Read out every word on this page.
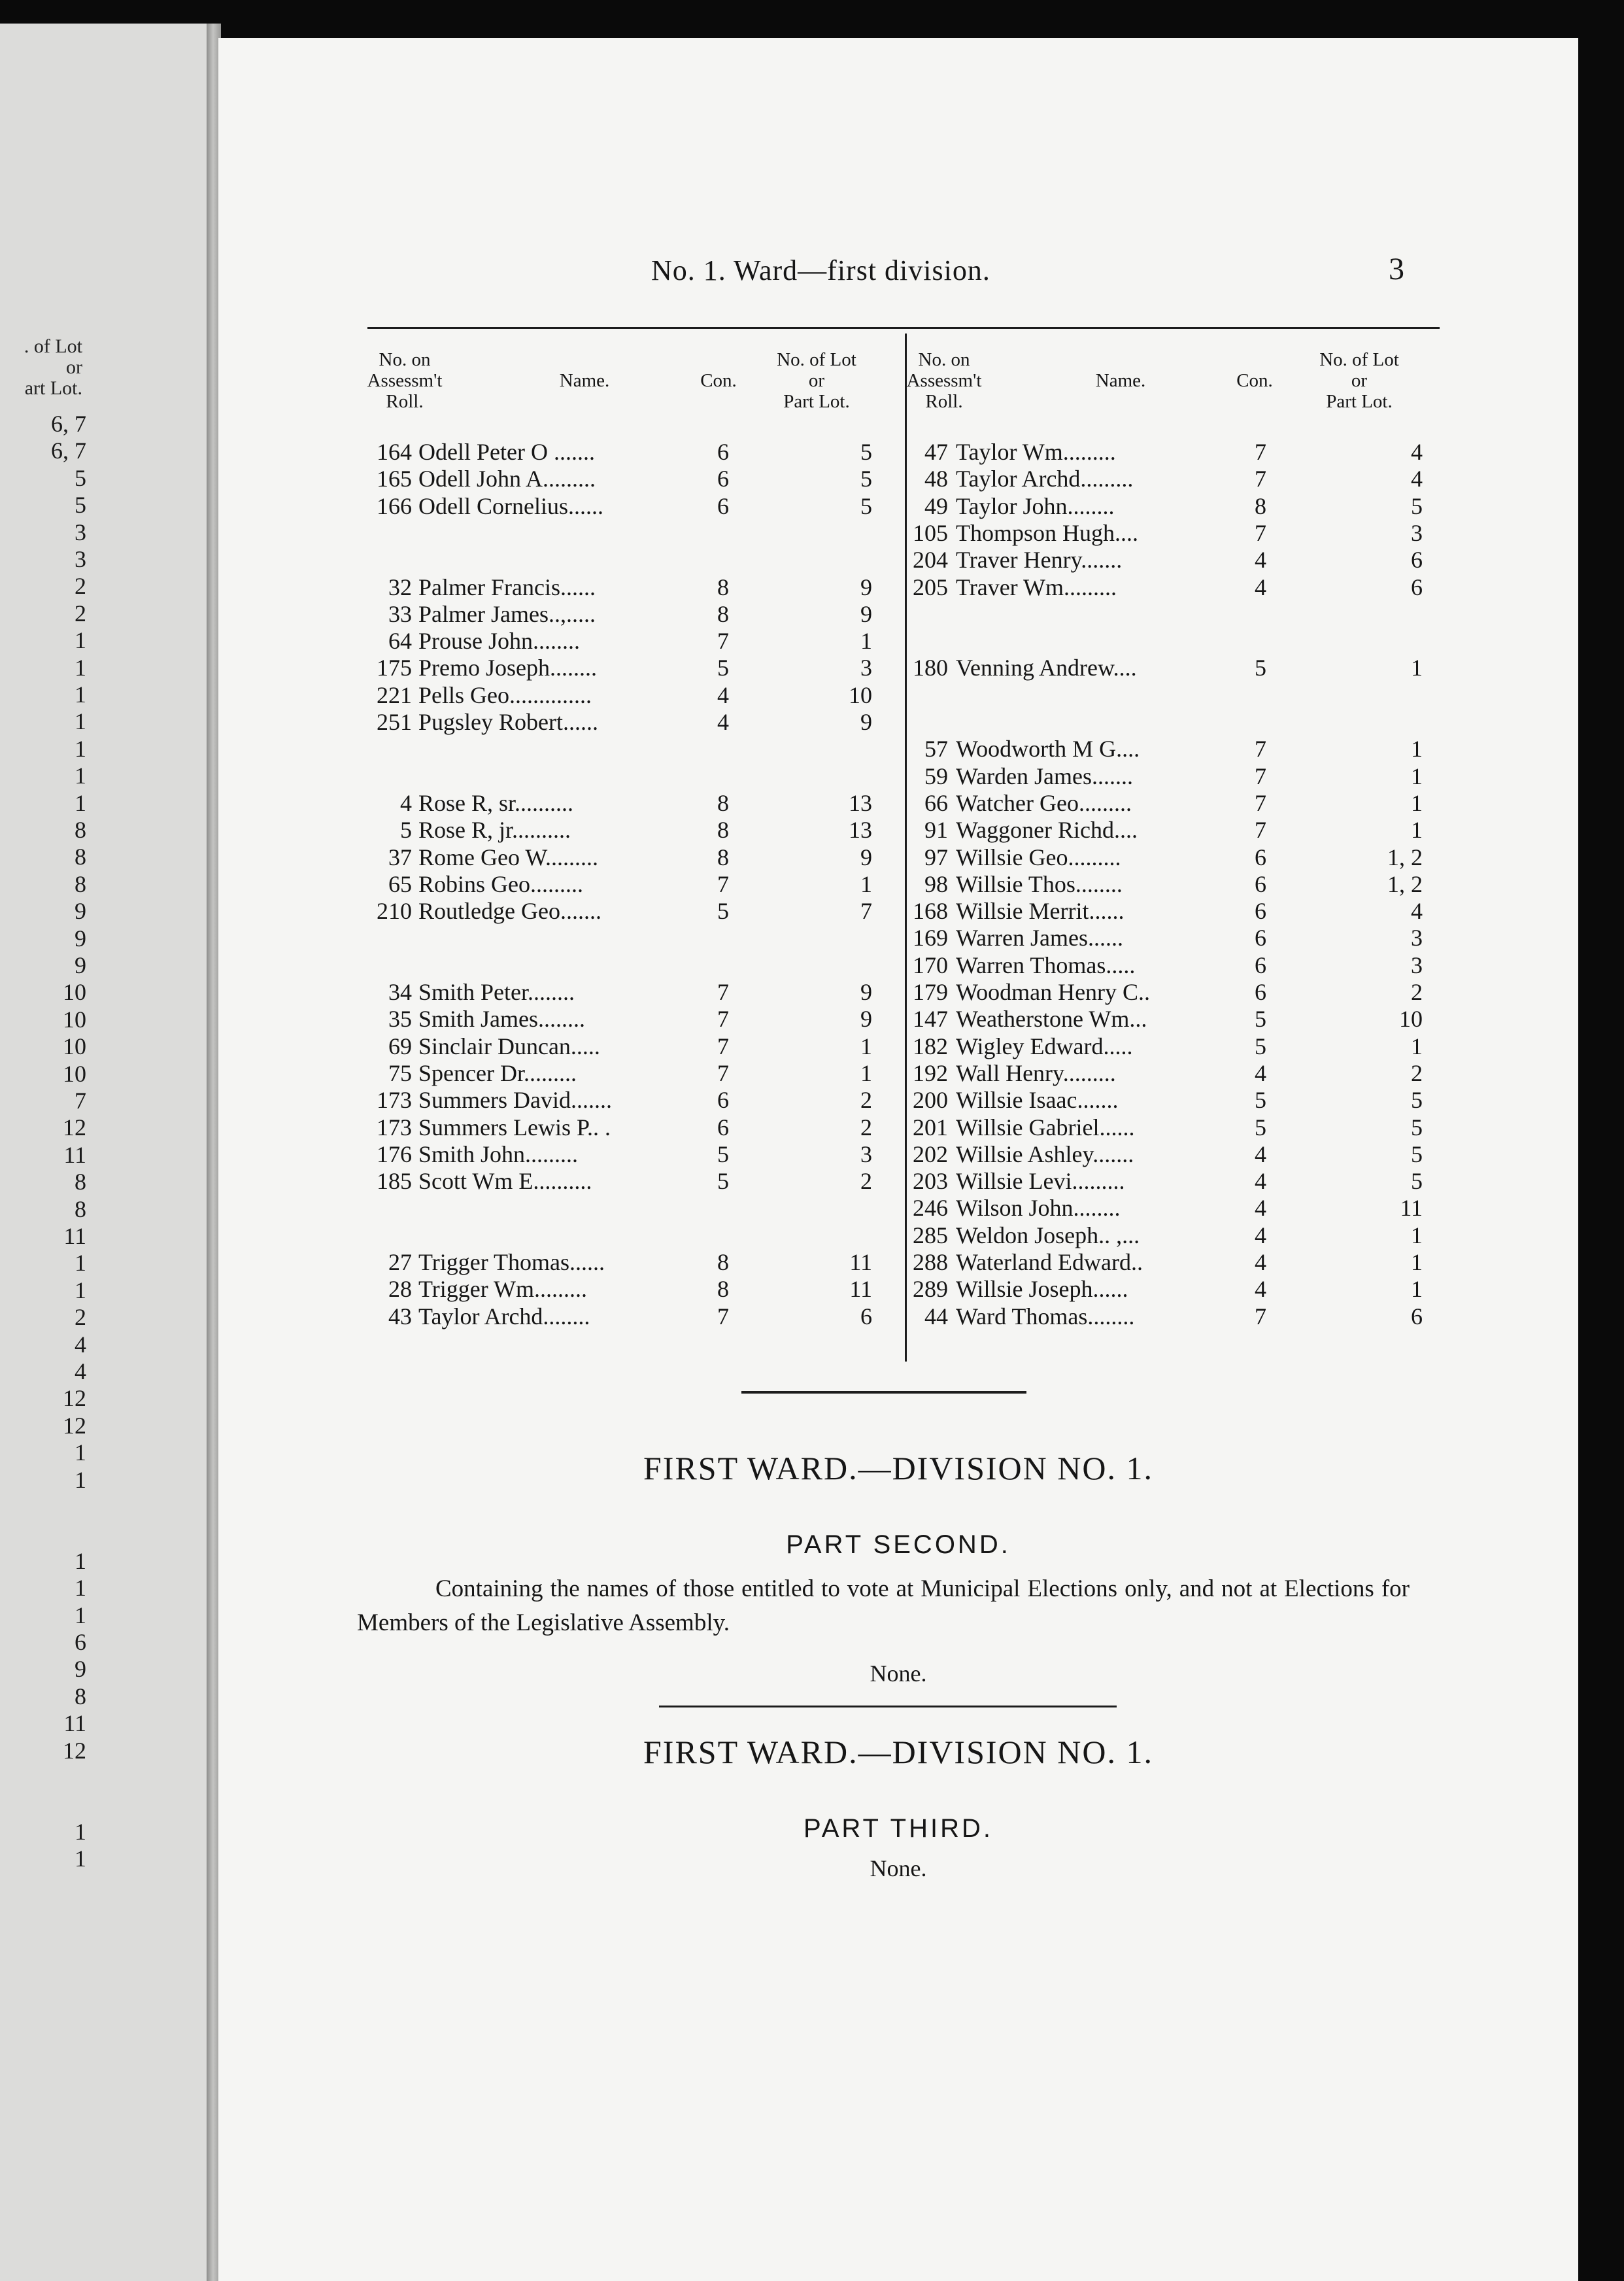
. of Lot
or
art Lot.
6, 7
6, 7
5
5
3
3
2
2
1
1
1
1
1
1
1
8
8
8
9
9
9
10
10
10
10
7
12
11
8
8
11
1
1
2
4
4
12
12
1
1
1
1
1
6
9
8
11
12
1
1
No. 1. Ward—first division.	3
No. on
Assessm't
Roll.
Name.	Con.
No. of Lot
or
Part Lot.
No. on
Assessm't
Roll.
Name.	Con.
No. of Lot
or
Part Lot.
164 Odell Peter O .......	6	5
165 Odell John A.........	6	5
166 Odell Cornelius......	6	5
32 Palmer Francis......	8	9
33 Palmer James..,.....	8	9
64 Prouse John........	7	1
175 Premo Joseph........	5	3
221 Pells Geo..............	4	10
251 Pugsley Robert......	4	9
4 Rose R, sr..........	8	13
5 Rose R, jr..........	8	13
37 Rome Geo W.........	8	9
65 Robins Geo.........	7	1
210 Routledge Geo.......	5	7
34 Smith Peter........	7	9
35 Smith James........	7	9
69 Sinclair Duncan.....	7	1
75 Spencer Dr.........	7	1
173 Summers David.......	6	2
173 Summers Lewis P.. .	6	2
176 Smith John.........	5	3
185 Scott Wm E..........	5	2
27 Trigger Thomas......	8	11
28 Trigger Wm.........	8	11
43 Taylor Archd........	7	6
47 Taylor Wm.........	7	4
48 Taylor Archd.........	7	4
49 Taylor John........	8	5
105 Thompson Hugh....	7	3
204 Traver Henry.......	4	6
205 Traver Wm.........	4	6
180 Venning Andrew....	5	1
57 Woodworth M G....	7	1
59 Warden James.......	7	1
66 Watcher Geo.........	7	1
91 Waggoner Richd....	7	1
97 Willsie Geo.........	6	1, 2
98 Willsie Thos........	6	1, 2
168 Willsie Merrit......	6	4
169 Warren James......	6	3
170 Warren Thomas.....	6	3
179 Woodman Henry C..	6	2
147 Weatherstone Wm...	5	10
182 Wigley Edward.....	5	1
192 Wall Henry.........	4	2
200 Willsie Isaac.......	5	5
201 Willsie Gabriel......	5	5
202 Willsie Ashley.......	4	5
203 Willsie Levi.........	4	5
246 Wilson John........	4	11
285 Weldon Joseph.. ,...	4	1
288 Waterland Edward..	4	1
289 Willsie Joseph......	4	1
44 Ward Thomas........	7	6
FIRST WARD.—DIVISION NO. 1.
PART SECOND.
Containing the names of those entitled to vote at Municipal Elections only, and not at Elections for Members of the Legislative Assembly.
None.
FIRST WARD.—DIVISION NO. 1.
PART THIRD.
None.
